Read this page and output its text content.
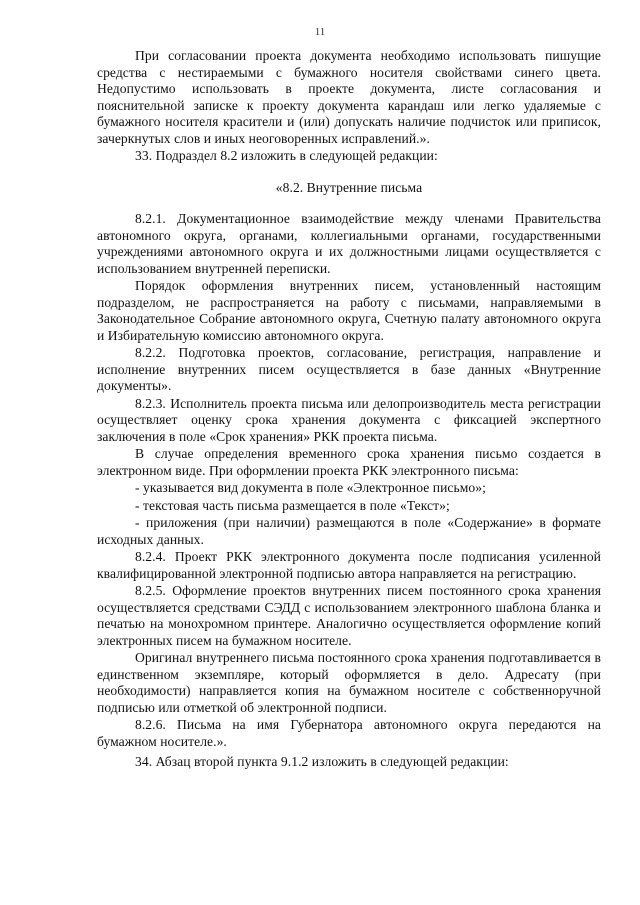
11

При согласовании проекта документа необходимо использовать пишущие средства с нестираемыми с бумажного носителя свойствами синего цвета. Недопустимо использовать в проекте документа, листе согласования и пояснительной записке к проекту документа карандаш или легко удаляемые с бумажного носителя красители и (или) допускать наличие подчисток или приписок, зачеркнутых слов и иных неоговоренных исправлений.».

33. Подраздел 8.2 изложить в следующей редакции:

«8.2. Внутренние письма

8.2.1. Документационное взаимодействие между членами Правительства автономного округа, органами, коллегиальными органами, государственными учреждениями автономного округа и их должностными лицами осуществляется с использованием внутренней переписки.

Порядок оформления внутренних писем, установленный настоящим подразделом, не распространяется на работу с письмами, направляемыми в Законодательное Собрание автономного округа, Счетную палату автономного округа и Избирательную комиссию автономного округа.

8.2.2. Подготовка проектов, согласование, регистрация, направление и исполнение внутренних писем осуществляется в базе данных «Внутренние документы».

8.2.3. Исполнитель проекта письма или делопроизводитель места регистрации осуществляет оценку срока хранения документа с фиксацией экспертного заключения в поле «Срок хранения» РКК проекта письма.

В случае определения временного срока хранения письмо создается в электронном виде. При оформлении проекта РКК электронного письма:

- указывается вид документа в поле «Электронное письмо»;

- текстовая часть письма размещается в поле «Текст»;

- приложения (при наличии) размещаются в поле «Содержание» в формате исходных данных.

8.2.4. Проект РКК электронного документа после подписания усиленной квалифицированной электронной подписью автора направляется на регистрацию.

8.2.5. Оформление проектов внутренних писем постоянного срока хранения осуществляется средствами СЭДД с использованием электронного шаблона бланка и печатью на монохромном принтере. Аналогично осуществляется оформление копий электронных писем на бумажном носителе.

Оригинал внутреннего письма постоянного срока хранения подготавливается в единственном экземпляре, который оформляется в дело. Адресату (при необходимости) направляется копия на бумажном носителе с собственноручной подписью или отметкой об электронной подписи.

8.2.6. Письма на имя Губернатора автономного округа передаются на бумажном носителе.».

34. Абзац второй пункта 9.1.2 изложить в следующей редакции:
